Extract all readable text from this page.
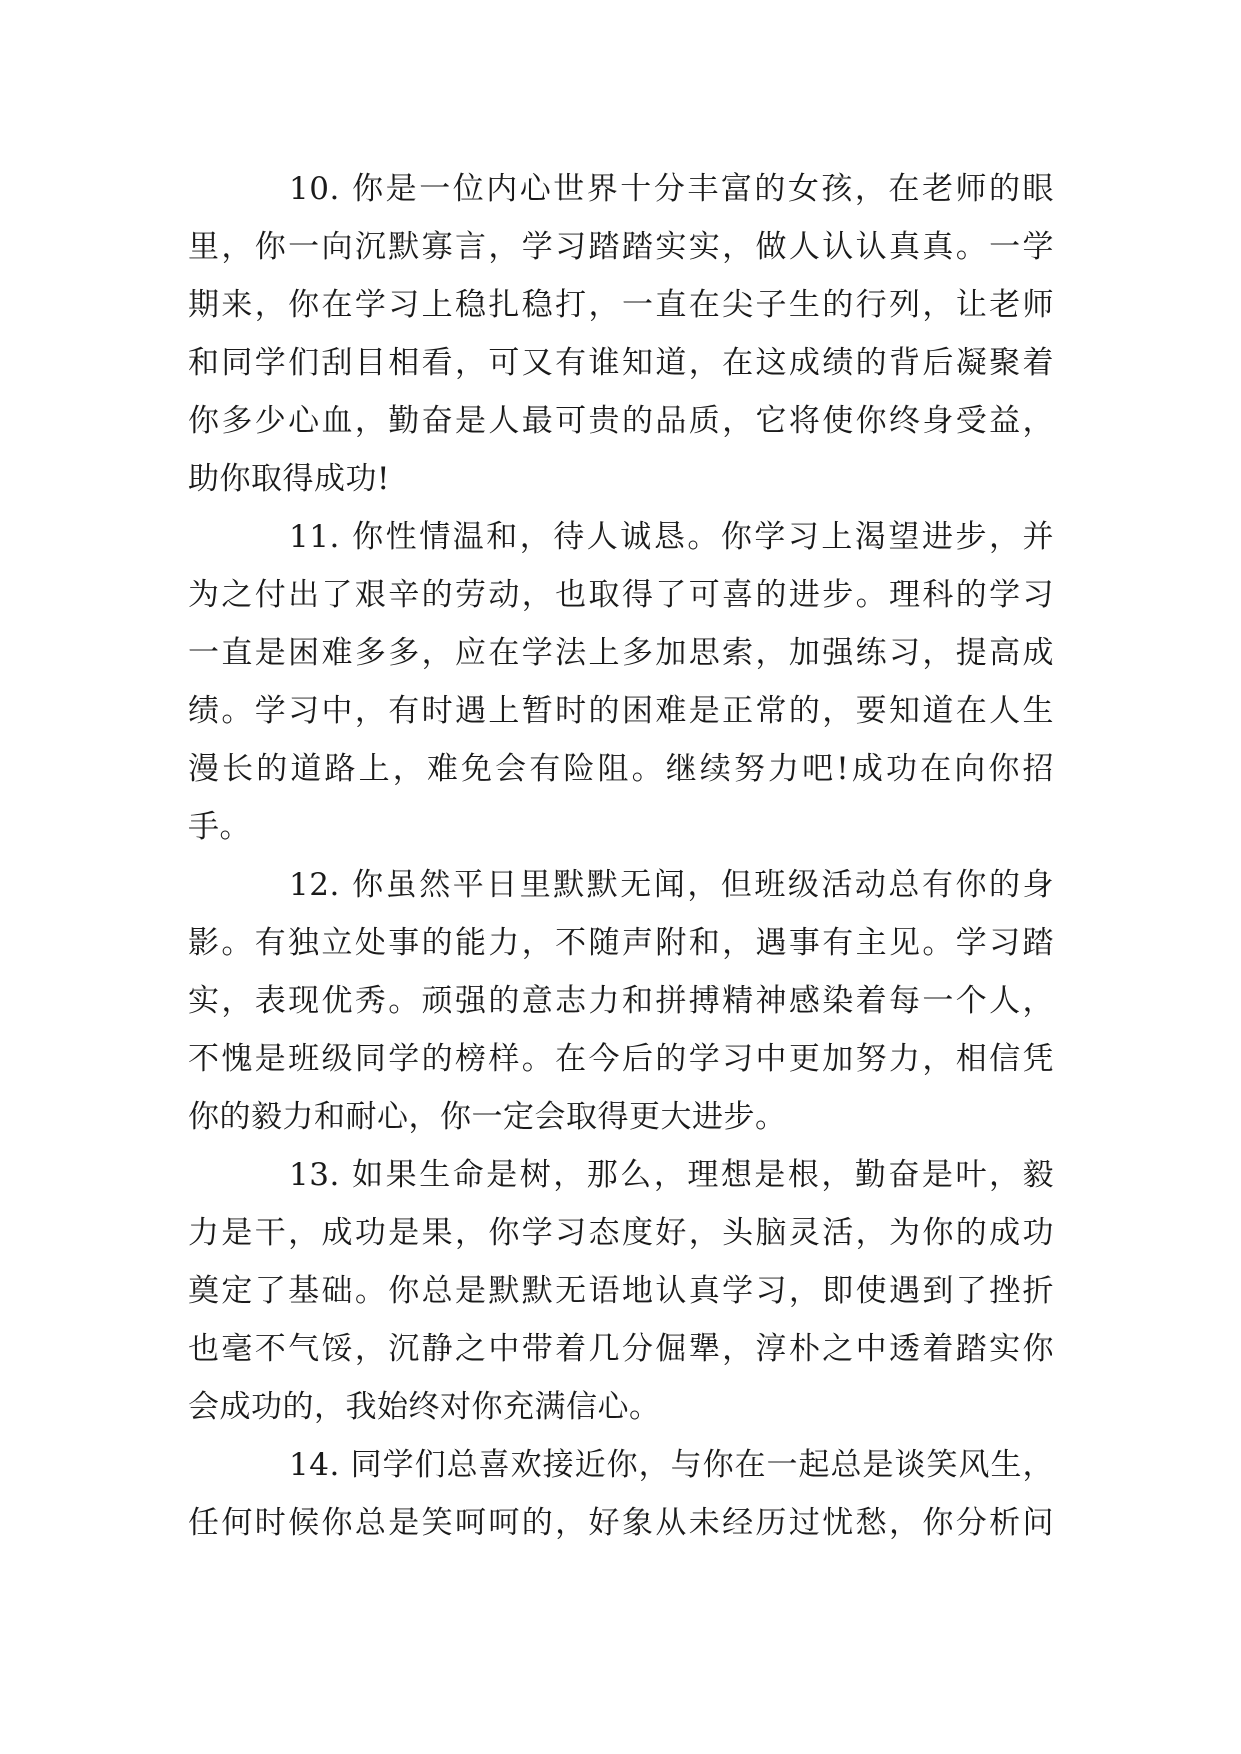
10. 你是一位内心世界十分丰富的女孩，在老师的眼
里，你一向沉默寡言，学习踏踏实实，做人认认真真。一学
期来，你在学习上稳扎稳打，一直在尖子生的行列，让老师
和同学们刮目相看，可又有谁知道，在这成绩的背后凝聚着
你多少心血，勤奋是人最可贵的品质，它将使你终身受益，
助你取得成功!
11. 你性情温和，待人诚恳。你学习上渴望进步，并
为之付出了艰辛的劳动，也取得了可喜的进步。理科的学习
一直是困难多多，应在学法上多加思索，加强练习，提高成
绩。学习中，有时遇上暂时的困难是正常的，要知道在人生
漫长的道路上，难免会有险阻。继续努力吧!成功在向你招
手。
12. 你虽然平日里默默无闻，但班级活动总有你的身
影。有独立处事的能力，不随声附和，遇事有主见。学习踏
实，表现优秀。顽强的意志力和拼搏精神感染着每一个人，
不愧是班级同学的榜样。在今后的学习中更加努力，相信凭
你的毅力和耐心，你一定会取得更大进步。
13. 如果生命是树，那么，理想是根，勤奋是叶，毅
力是干，成功是果，你学习态度好，头脑灵活，为你的成功
奠定了基础。你总是默默无语地认真学习，即使遇到了挫折
也毫不气馁，沉静之中带着几分倔犟，淳朴之中透着踏实你
会成功的，我始终对你充满信心。
14. 同学们总喜欢接近你，与你在一起总是谈笑风生，
任何时候你总是笑呵呵的，好象从未经历过忧愁，你分析问
